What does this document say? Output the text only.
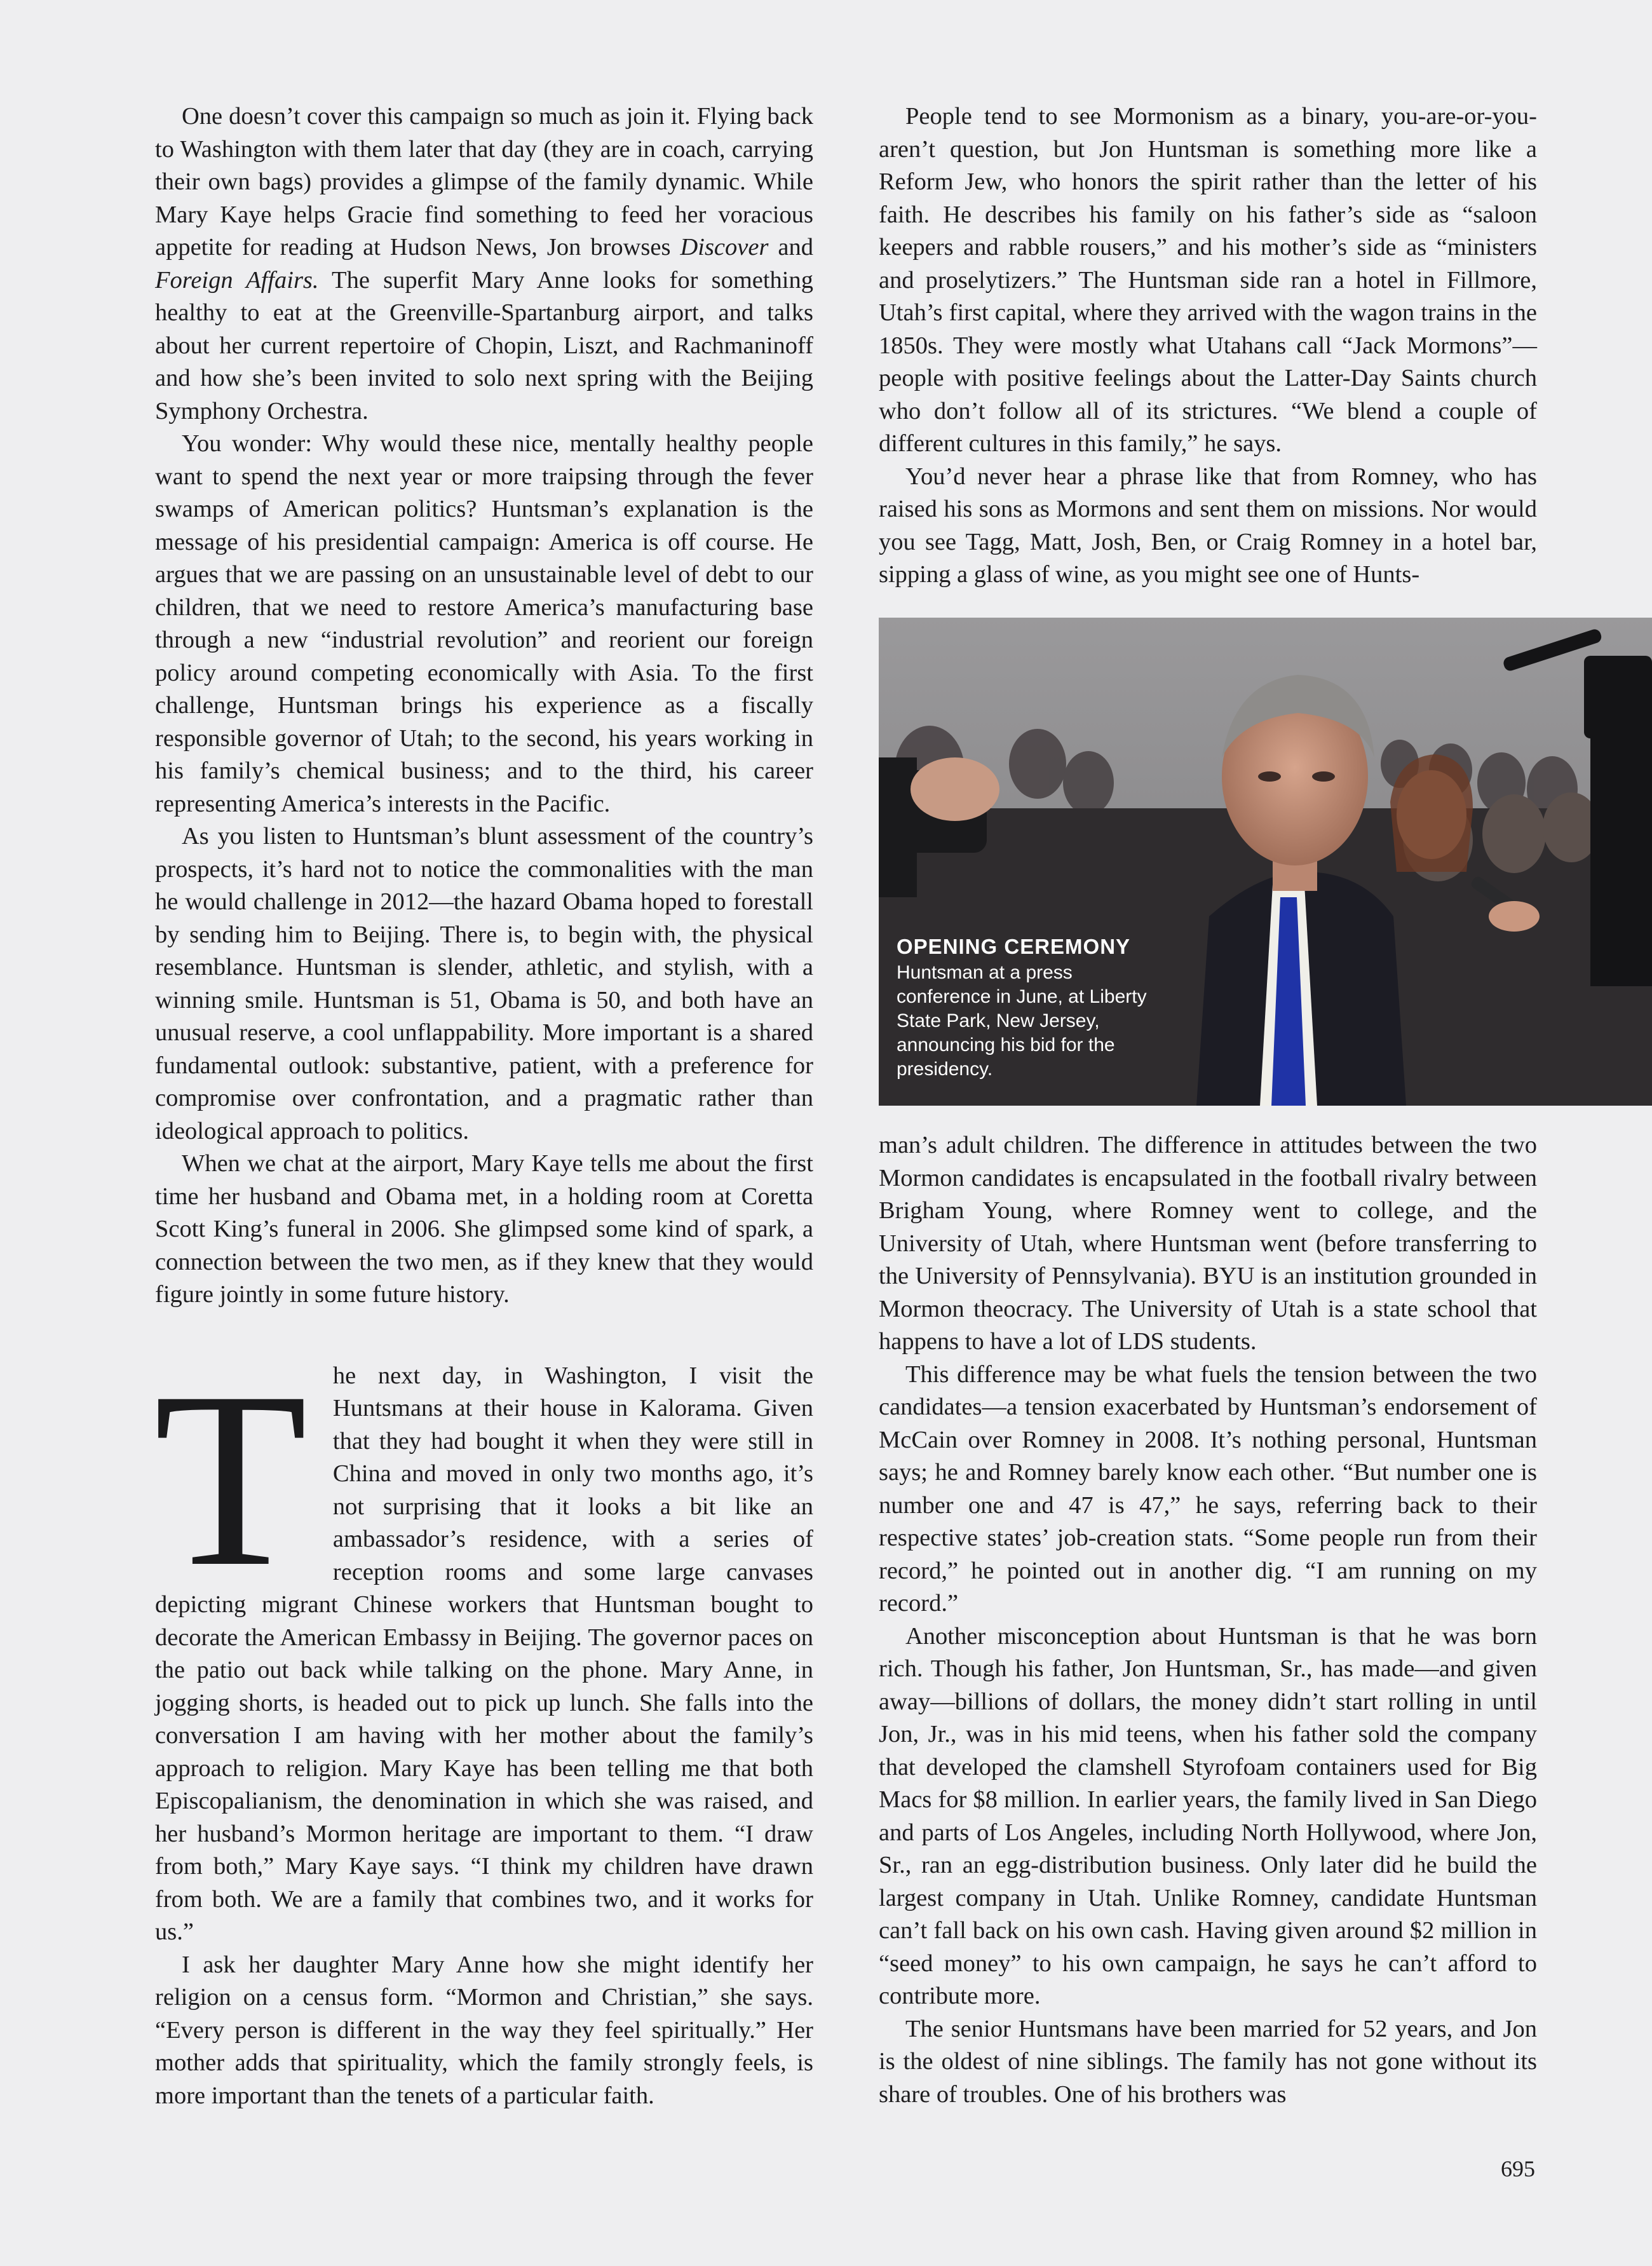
One doesn’t cover this campaign so much as join it. Flying back to Washington with them later that day (they are in coach, carrying their own bags) provides a glimpse of the family dynamic. While Mary Kaye helps Gracie find something to feed her voracious appetite for reading at Hudson News, Jon browses Discover and Foreign Affairs. The superfit Mary Anne looks for something healthy to eat at the Greenville-Spartanburg airport, and talks about her current repertoire of Chopin, Liszt, and Rachmaninoff and how she’s been invited to solo next spring with the Beijing Symphony Orchestra.

You wonder: Why would these nice, mentally healthy people want to spend the next year or more traipsing through the fever swamps of American politics? Huntsman’s explanation is the message of his presidential campaign: America is off course. He argues that we are passing on an unsustainable level of debt to our children, that we need to restore America’s manufacturing base through a new “industrial revolution” and reorient our foreign policy around competing economically with Asia. To the first challenge, Huntsman brings his experience as a fiscally responsible governor of Utah; to the second, his years working in his family’s chemical business; and to the third, his career representing America’s interests in the Pacific.

As you listen to Huntsman’s blunt assessment of the country’s prospects, it’s hard not to notice the commonalities with the man he would challenge in 2012—the hazard Obama hoped to forestall by sending him to Beijing. There is, to begin with, the physical resemblance. Huntsman is slender, athletic, and stylish, with a winning smile. Huntsman is 51, Obama is 50, and both have an unusual reserve, a cool unflappability. More important is a shared fundamental outlook: substantive, patient, with a preference for compromise over confrontation, and a pragmatic rather than ideological approach to politics.

When we chat at the airport, Mary Kaye tells me about the first time her husband and Obama met, in a holding room at Coretta Scott King’s funeral in 2006. She glimpsed some kind of spark, a connection between the two men, as if they knew that they would figure jointly in some future history.

T he next day, in Washington, I visit the Huntsmans at their house in Kalorama. Given that they had bought it when they were still in China and moved in only two months ago, it’s not surprising that it looks a bit like an ambassador’s residence, with a series of reception rooms and some large canvases depicting migrant Chinese workers that Huntsman bought to decorate the American Embassy in Beijing. The governor paces on the patio out back while talking on the phone. Mary Anne, in jogging shorts, is headed out to pick up lunch. She falls into the conversation I am having with her mother about the family’s approach to religion. Mary Kaye has been telling me that both Episcopalianism, the denomination in which she was raised, and her husband’s Mormon heritage are important to them. “I draw from both,” Mary Kaye says. “I think my children have drawn from both. We are a family that combines two, and it works for us.”

I ask her daughter Mary Anne how she might identify her religion on a census form. “Mormon and Christian,” she says. “Every person is different in the way they feel spiritually.” Her mother adds that spirituality, which the family strongly feels, is more important than the tenets of a particular faith.

People tend to see Mormonism as a binary, you-are-or-you-aren’t question, but Jon Huntsman is something more like a Reform Jew, who honors the spirit rather than the letter of his faith. He describes his family on his father’s side as “saloon keepers and rabble rousers,” and his mother’s side as “ministers and proselytizers.” The Huntsman side ran a hotel in Fillmore, Utah’s first capital, where they arrived with the wagon trains in the 1850s. They were mostly what Utahans call “Jack Mormons”—people with positive feelings about the Latter-Day Saints church who don’t follow all of its strictures. “We blend a couple of different cultures in this family,” he says.

You’d never hear a phrase like that from Romney, who has raised his sons as Mormons and sent them on missions. Nor would you see Tagg, Matt, Josh, Ben, or Craig Romney in a hotel bar, sipping a glass of wine, as you might see one of Hunts-

OPENING CEREMONY
Huntsman at a press conference in June, at Liberty State Park, New Jersey, announcing his bid for the presidency.

man’s adult children. The difference in attitudes between the two Mormon candidates is encapsulated in the football rivalry between Brigham Young, where Romney went to college, and the University of Utah, where Huntsman went (before transferring to the University of Pennsylvania). BYU is an institution grounded in Mormon theocracy. The University of Utah is a state school that happens to have a lot of LDS students.

This difference may be what fuels the tension between the two candidates—a tension exacerbated by Huntsman’s endorsement of McCain over Romney in 2008. It’s nothing personal, Huntsman says; he and Romney barely know each other. “But number one is number one and 47 is 47,” he says, referring back to their respective states’ job-creation stats. “Some people run from their record,” he pointed out in another dig. “I am running on my record.”

Another misconception about Huntsman is that he was born rich. Though his father, Jon Huntsman, Sr., has made—and given away—billions of dollars, the money didn’t start rolling in until Jon, Jr., was in his mid teens, when his father sold the company that developed the clamshell Styrofoam containers used for Big Macs for $8 million. In earlier years, the family lived in San Diego and parts of Los Angeles, including North Hollywood, where Jon, Sr., ran an egg-distribution business. Only later did he build the largest company in Utah. Unlike Romney, candidate Huntsman can’t fall back on his own cash. Having given around $2 million in “seed money” to his own campaign, he says he can’t afford to contribute more.

The senior Huntsmans have been married for 52 years, and Jon is the oldest of nine siblings. The family has not gone without its share of troubles. One of his brothers was

695
